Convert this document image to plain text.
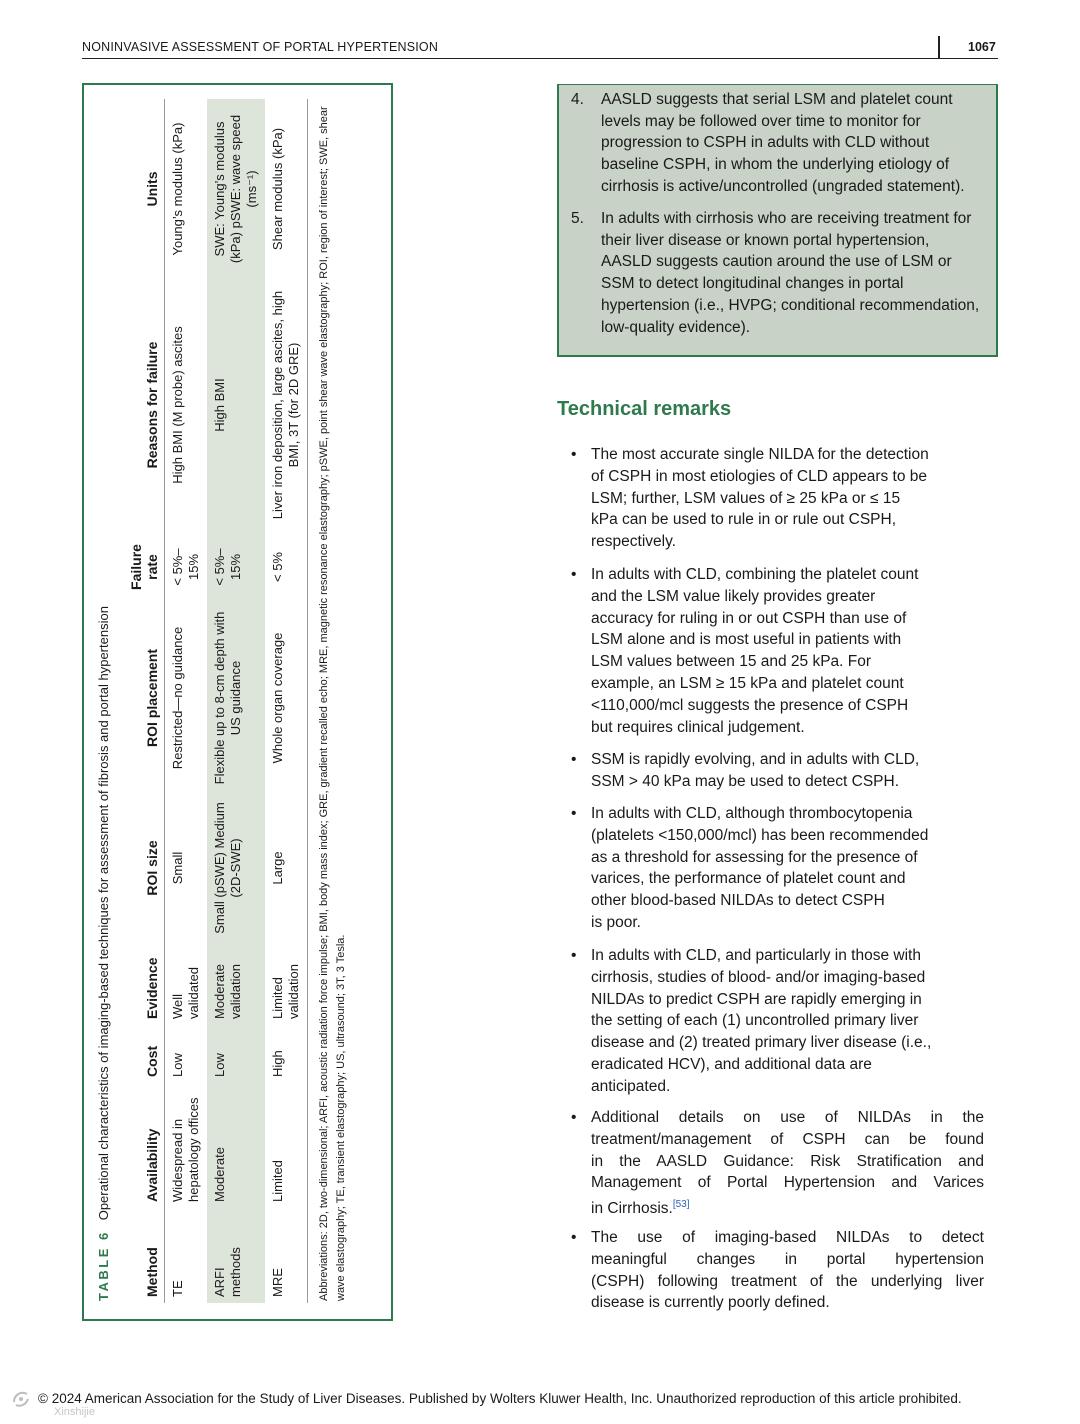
NONINVASIVE ASSESSMENT OF PORTAL HYPERTENSION	1067
TABLE 6Operational characteristics of imaging-based techniques for assessment of fibrosis and portal hypertension
Method	Availability	Cost	Evidence	ROI size	ROI placement	Failure rate	Reasons for failure	Units
TE	Widespread in hepatology offices	Low	Well validated	Small	Restricted—no guidance	< 5%–15%	High BMI (M probe) ascites	Young’s modulus (kPa)
ARFI methods	Moderate	Low	Moderate validation	Small (pSWE) Medium (2D-SWE)	Flexible up to 8-cm depth with US guidance	< 5%–15%	High BMI	SWE: Young’s modulus (kPa) pSWE: wave speed (ms⁻¹)
MRE	Limited	High	Limited validation	Large	Whole organ coverage	< 5%	Liver iron deposition, large ascites, high BMI, 3T (for 2D GRE)	Shear modulus (kPa)	Abbreviations: 2D, two-dimensional; ARFI, acoustic radiation force impulse; BMI, body mass index; GRE, gradient recalled echo; MRE, magnetic resonance elastography; pSWE, point shear wave elastography; ROI, region of interest; SWE, shear wave elastography; TE, transient elastography; US, ultrasound; 3T, 3 Tesla.
4. AASLD suggests that serial LSM and platelet count levels may be followed over time to monitor for progression to CSPH in adults with CLD without baseline CSPH, in whom the underlying etiology of cirrhosis is active/uncontrolled (ungraded statement).
5. In adults with cirrhosis who are receiving treatment for their liver disease or known portal hypertension, AASLD suggests caution around the use of LSM or SSM to detect longitudinal changes in portal hypertension (i.e., HVPG; conditional recommendation, low-quality evidence).
Technical remarks
• The most accurate single NILDA for the detection
of CSPH in most etiologies of CLD appears to be
LSM; further, LSM values of ≥ 25 kPa or ≤ 15
kPa can be used to rule in or rule out CSPH,
respectively.
• In adults with CLD, combining the platelet count
and the LSM value likely provides greater
accuracy for ruling in or out CSPH than use of
LSM alone and is most useful in patients with
LSM values between 15 and 25 kPa. For
example, an LSM ≥ 15 kPa and platelet count
<110,000/mcl suggests the presence of CSPH
but requires clinical judgement.
• SSM is rapidly evolving, and in adults with CLD,
SSM > 40 kPa may be used to detect CSPH.
• In adults with CLD, although thrombocytopenia
(platelets <150,000/mcl) has been recommended
as a threshold for assessing for the presence of
varices, the performance of platelet count and
other blood-based NILDAs to detect CSPH
is poor.
• In adults with CLD, and particularly in those with
cirrhosis, studies of blood- and/or imaging-based
NILDAs to predict CSPH are rapidly emerging in
the setting of each (1) uncontrolled primary liver
disease and (2) treated primary liver disease (i.e.,
eradicated HCV), and additional data are
anticipated.
• Additional details on use of NILDAs in the
treatment/management of CSPH can be found
in the AASLD Guidance: Risk Stratification and
Management of Portal Hypertension and Varices
in Cirrhosis.[53]
• The use of imaging-based NILDAs to detect
meaningful changes in portal hypertension
(CSPH) following treatment of the underlying liver
disease is currently poorly defined.
Xinshijie
© 2024 American Association for the Study of Liver Diseases. Published by Wolters Kluwer Health, Inc. Unauthorized reproduction of this article prohibited.
